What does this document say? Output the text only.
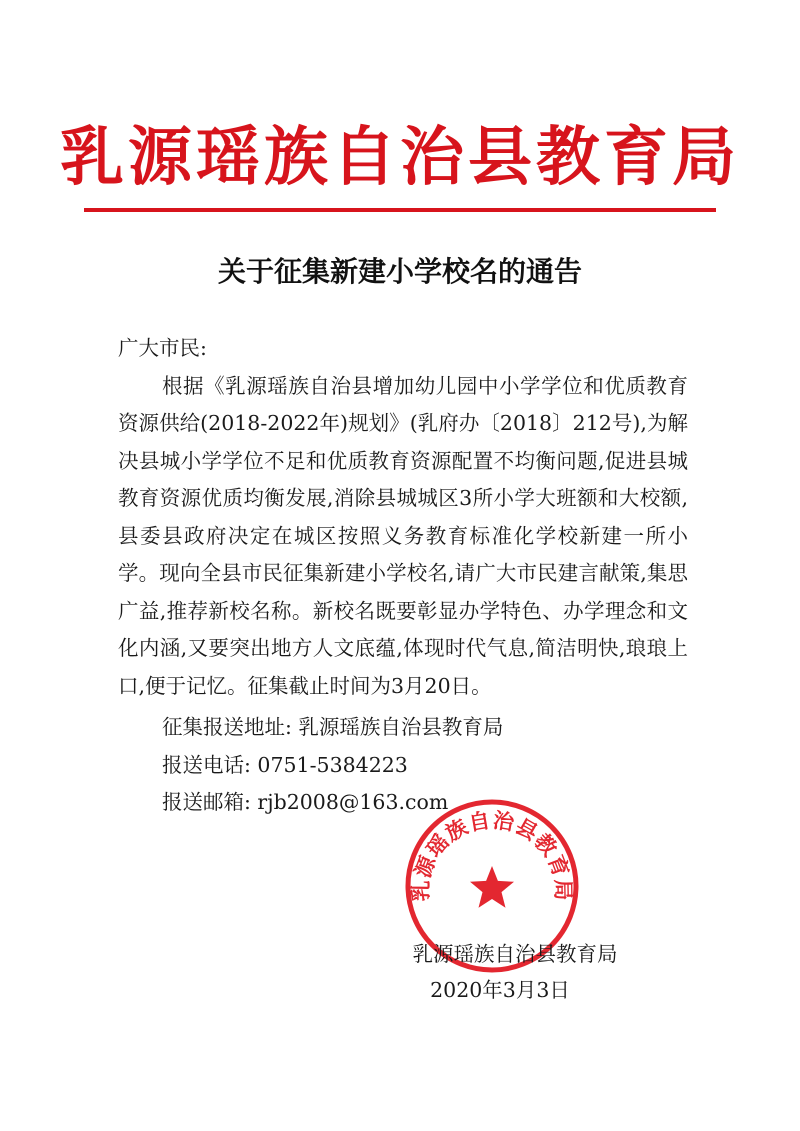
乳源瑶族自治县教育局
关于征集新建小学校名的通告

广大市民:

根据《乳源瑶族自治县增加幼儿园中小学学位和优质教育资源供给(2018-2022年)规划》(乳府办〔2018〕212号),为解决县城小学学位不足和优质教育资源配置不均衡问题,促进县城教育资源优质均衡发展,消除县城城区3所小学大班额和大校额,县委县政府决定在城区按照义务教育标准化学校新建一所小学。现向全县市民征集新建小学校名,请广大市民建言献策,集思广益,推荐新校名称。新校名既要彰显办学特色、办学理念和文化内涵,又要突出地方人文底蕴,体现时代气息,简洁明快,琅琅上口,便于记忆。征集截止时间为3月20日。

征集报送地址: 乳源瑶族自治县教育局

报送电话: 0751-5384223

报送邮箱: rjb2008@163.com

乳源瑶族自治县教育局
乳源瑶族自治县教育局
2020年3月3日
